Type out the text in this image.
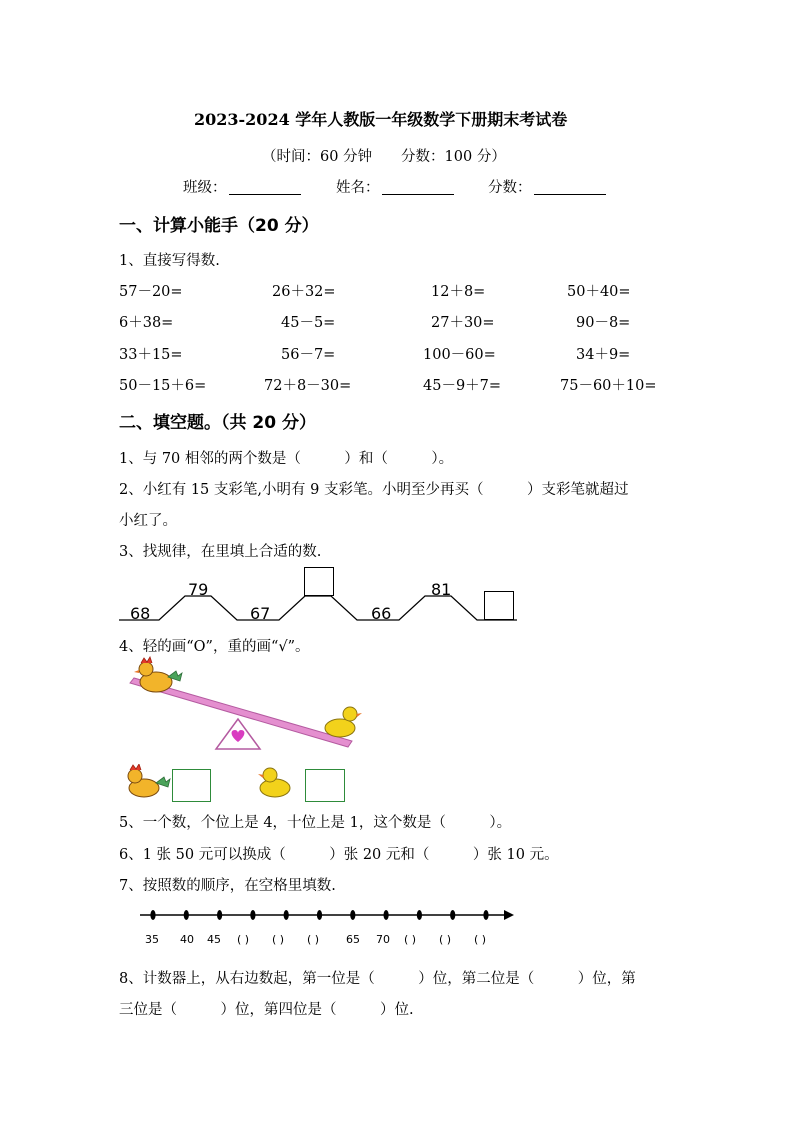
2023-2024 学年人教版一年级数学下册期末考试卷
（时间：60 分钟　　分数：100 分）
班级：	姓名：	分数：
一、计算小能手（20 分）
1、直接写得数.
57－20=	26＋32=	12＋8=	50＋40=
6＋38=	45－5=	27＋30=	90－8=
33＋15=	56－7=	100－60=	34＋9=
50－15＋6=	72＋8－30=	45－9＋7=	75－60＋10=
二、填空题。（共 20 分）
1、与 70 相邻的两个数是（　　　）和（　　　）。
2、小红有 15 支彩笔,小明有 9 支彩笔。小明至少再买（　　　）支彩笔就超过
小红了。
3、找规律，在里填上合适的数.
68
79
67	66
81
4、轻的画“O”，重的画“√”。
5、一个数，个位上是 4，十位上是 1，这个数是（　　　）。
6、1 张 50 元可以换成（　　　）张 20 元和（　　　）张 10 元。
7、按照数的顺序，在空格里填数.
35 40 45 ( ) ( ) ( ) 65 70 ( ) ( ) ( )
8、计数器上，从右边数起，第一位是（　　　）位，第二位是（　　　）位，第
三位是（　　　）位，第四位是（　　　）位.
